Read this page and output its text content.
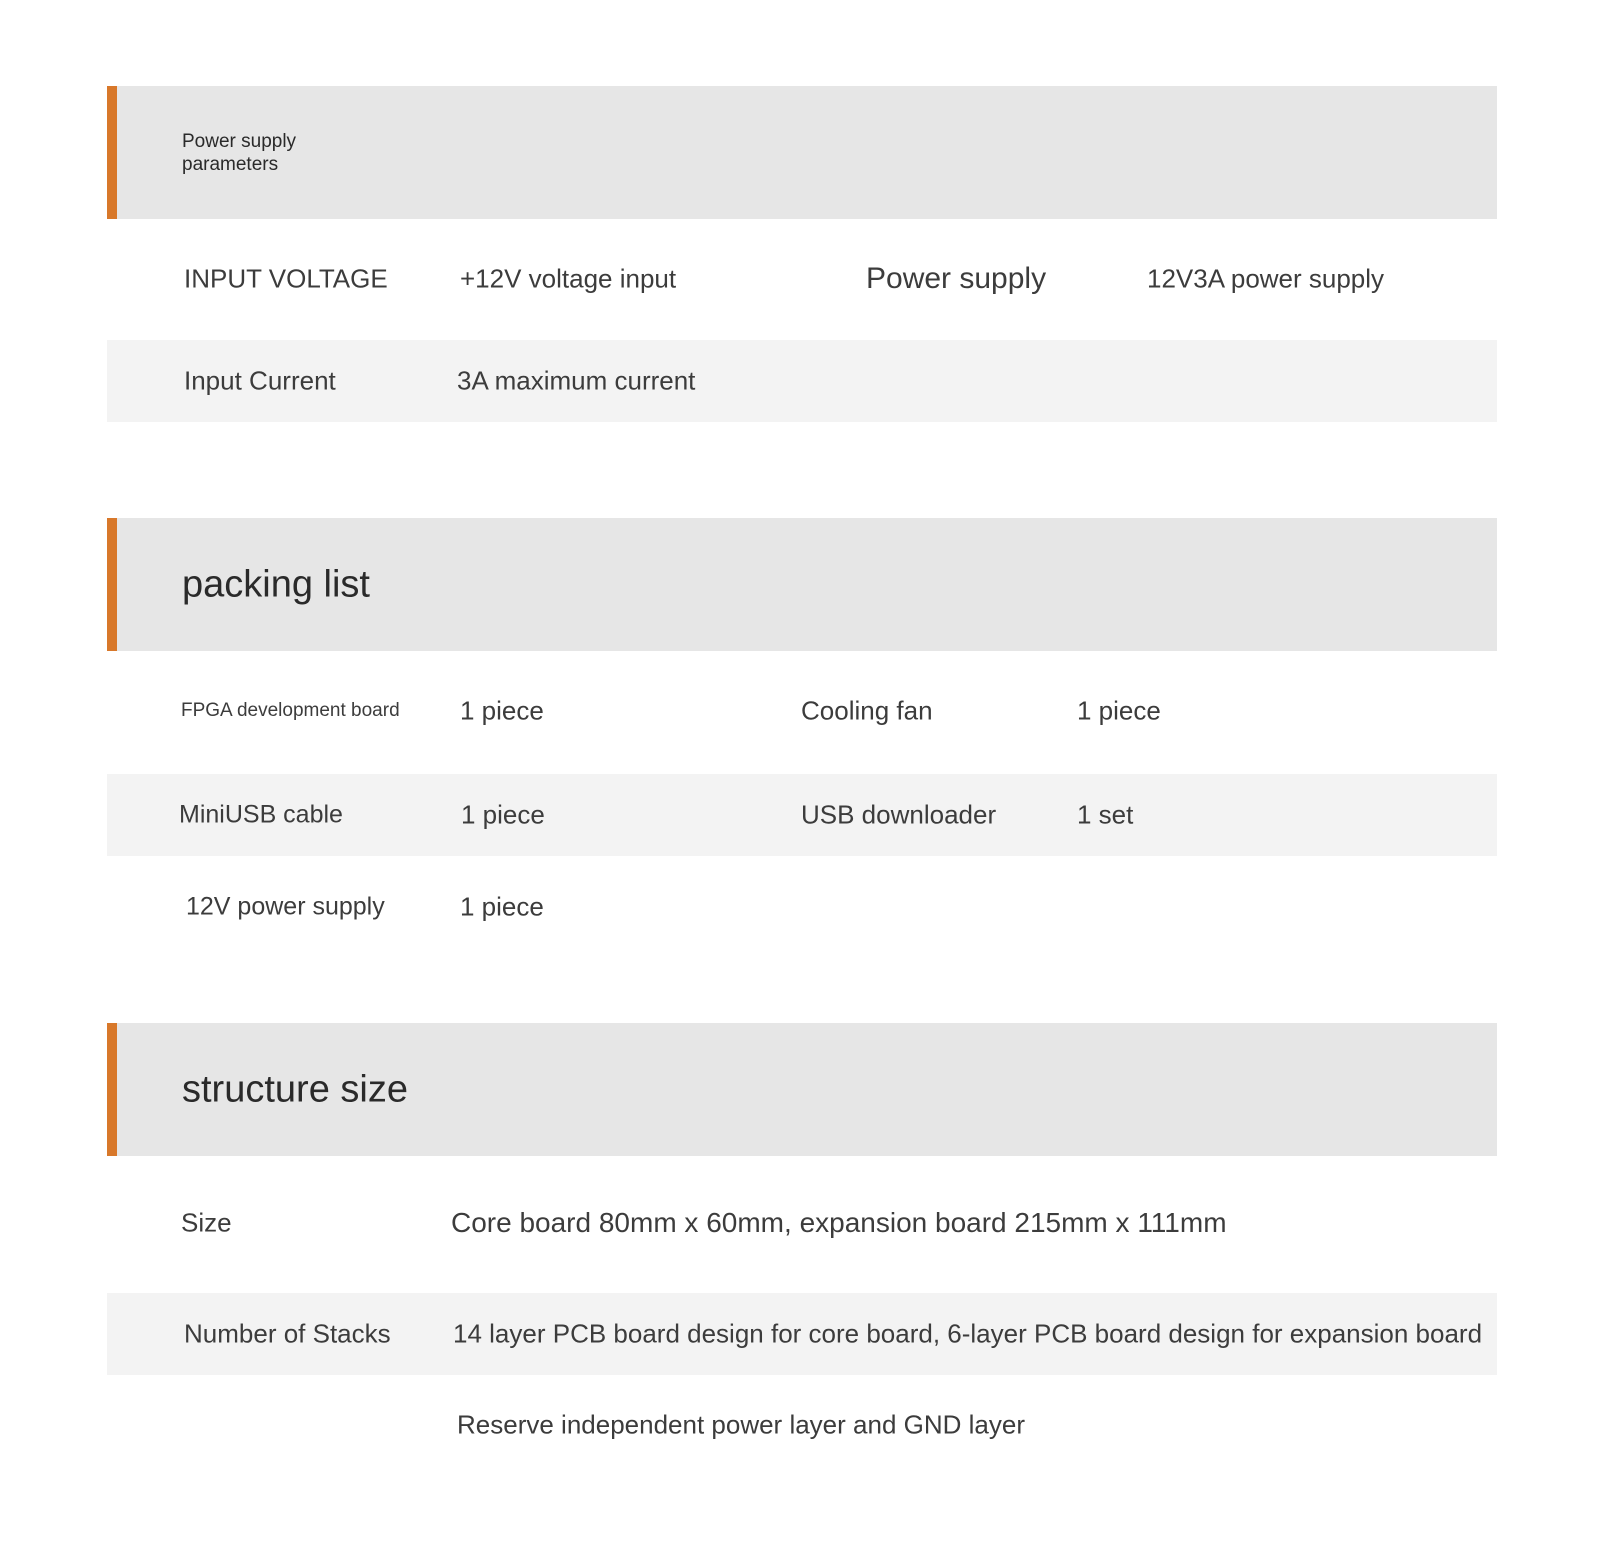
Power supply parameters
INPUT VOLTAGE	+12V voltage input	Power supply	12V3A power supply
Input Current	3A maximum current
packing list
FPGA development board 1 piece	Cooling fan	1 piece
MiniUSB cable	1 piece	USB downloader	1 set
12V power supply	1 piece
structure size
Size	Core board 80mm x 60mm, expansion board 215mm x 111mm
Number of Stacks 14 layer PCB board design for core board, 6-layer PCB board design for expansion board
Reserve independent power layer and GND layer
